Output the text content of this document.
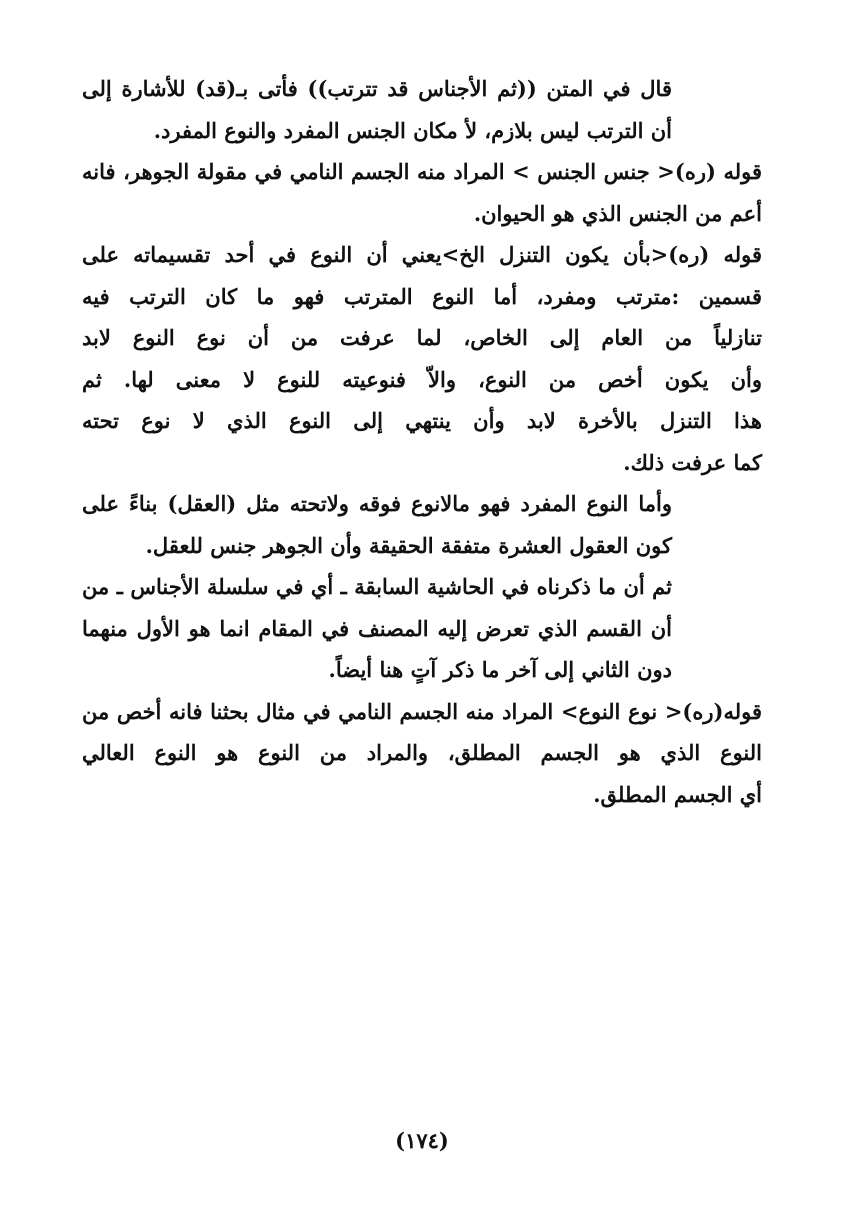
قال في المتن ((ثم الأجناس قد تترتب)) فأتى بـ(قد) للأشارة إلى
أن الترتب ليس بلازم، لأ مكان الجنس المفرد والنوع المفرد.
قوله (ره)< جنس الجنس > المراد منه الجسم النامي في مقولة الجوهر، فانه
أعم من الجنس الذي هو الحيوان.
قوله (ره)<بأن يكون التنزل الخ>يعني أن النوع في أحد تقسيماته على
قسمين :مترتب ومفرد، أما النوع المترتب فهو ما كان الترتب فيه
تنازلياً من العام إلى الخاص، لما عرفت من أن نوع النوع لابد
وأن يكون أخص من النوع، والاّ فنوعيته للنوع لا معنى لها. ثم
هذا التنزل بالأخرة لابد وأن ينتهي إلى النوع الذي لا نوع تحته
كما عرفت ذلك.
وأما النوع المفرد فهو مالانوع فوقه ولاتحته مثل (العقل) بناءً على
كون العقول العشرة متفقة الحقيقة وأن الجوهر جنس للعقل.
ثم أن ما ذكرناه في الحاشية السابقة ـ أي في سلسلة الأجناس ـ من
أن القسم الذي تعرض إليه المصنف في المقام انما هو الأول منهما
دون الثاني إلى آخر ما ذكر آتٍ هنا أيضاً.
قوله(ره)< نوع النوع> المراد منه الجسم النامي في مثال بحثنا فانه أخص من
النوع الذي هو الجسم المطلق، والمراد من النوع هو النوع العالي
أي الجسم المطلق.
(١٧٤)
